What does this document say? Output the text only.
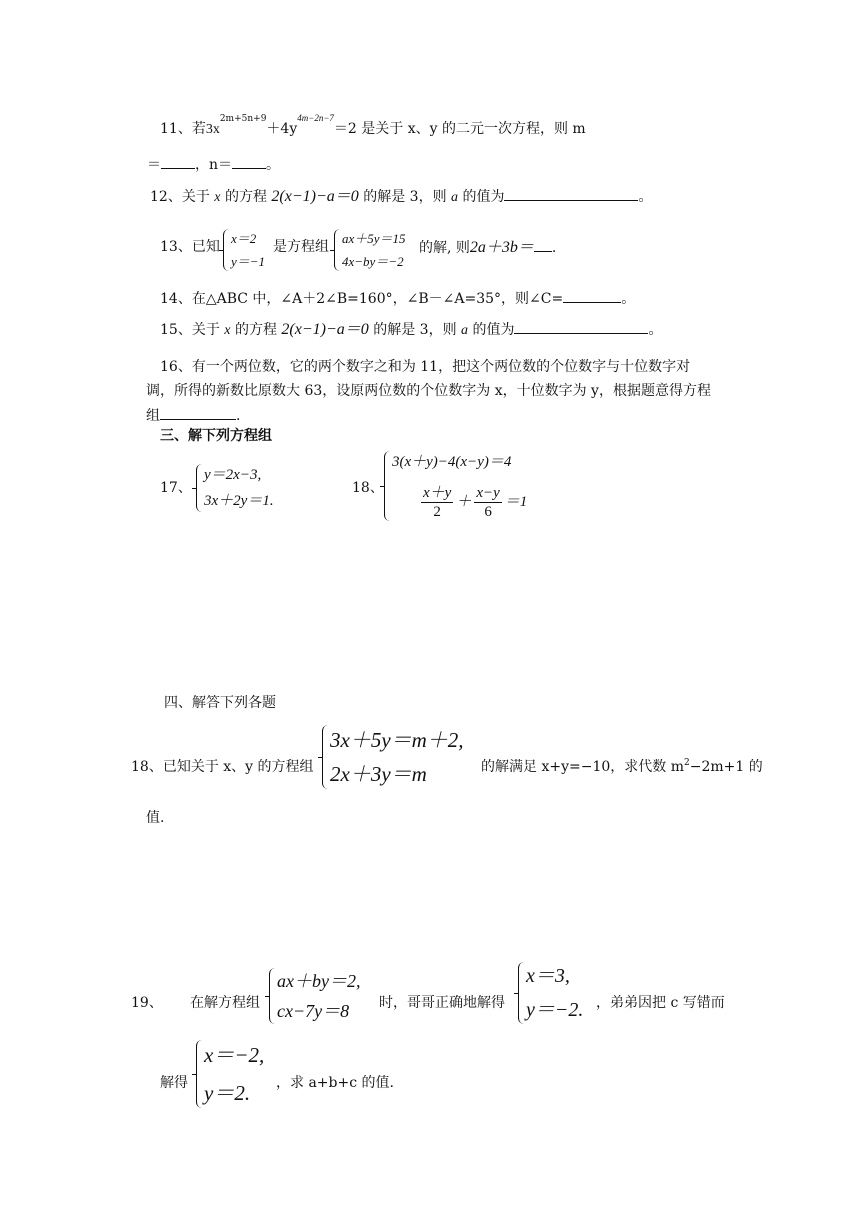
11、若$3x^{2m+5n+9}+4y^{4m-2n-7}=2$ 是关于 x、y 的二元一次方程，则 m
＝ ，n＝ 。
12、关于 x 的方程 2(x−1)−a＝0 的解是 3，则 a 的值为	。
13、已知
x＝2
y＝−1
是方程组
ax＋5y＝15
4x−by＝−2
的解, 则2a＋3b＝ .
14、在△ABC 中，∠A＋2∠B=160°，∠B－∠A=35°，则∠C=	。
15、关于 x 的方程 2(x−1)−a＝0 的解是 3，则 a 的值为	。
16、有一个两位数，它的两个数字之和为 11，把这个两位数的个位数字与十位数字对
调，所得的新数比原数大 63，设原两位数的个位数字为 x，十位数字为 y，根据题意得方程
组	.
三、解下列方程组
17、
y＝2x−3,
3x＋2y＝1.
18、
3(x＋y)−4(x−y)＝4
$\frac{x+y}{2} + \frac{x-y}{6} =1$
四、解答下列各题
18、已知关于 x、y 的方程组
3x＋5y＝m＋2,
2x＋3y＝m	的解满足 x+y=−10，求代数 $m^2-2m+1$ 的
值.
19、 在解方程组
ax＋by＝2,
cx−7y＝8	时，哥哥正确地解得
x＝3,
y＝−2. ，弟弟因把 c 写错而
解得
x＝−2,
y＝2.	，求 a+b+c 的值.
